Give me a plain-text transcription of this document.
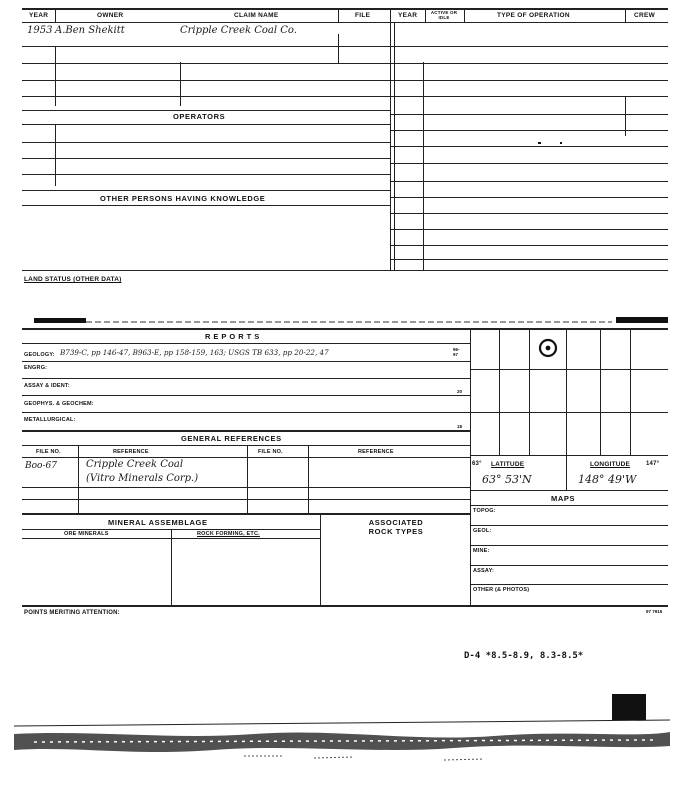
YEAR	OWNER	CLAIM NAME	FILE	YEAR	ACTIVE OR IDLE	TYPE OF OPERATION	CREW
1953 A.Ben Shekitt	Cripple Creek Coal Co.
OPERATORS
OTHER PERSONS HAVING KNOWLEDGE
LAND STATUS (OTHER DATA)
REPORTS
GEOLOGY: B739-C, pp 146-47, B963-E, pp 158-159, 163; USGS TB 633, pp 20-22, 47	96-
97
ENGRG:
ASSAY & IDENT:
20
GEOPHYS. & GEOCHEM:
METALLURGICAL:
18
GENERAL REFERENCES
FILE NO.	REFERENCE	FILE NO.	REFERENCE
Boo-67	Cripple Creek Coal
(Vitro Minerals Corp.)
MINERAL ASSEMBLAGE	ASSOCIATED ROCK TYPES
ORE MINERALS	ROCK FORMING, ETC.
63° LATITUDE	LONGITUDE	147°
63° 53'N	148° 49'W
MAPS
TOPOG:
GEOL:
MINE:
ASSAY:
OTHER (& PHOTOS)
POINTS MERITING ATTENTION:	97 7915
D-4 *8.5-8.9, 8.3-8.5*
